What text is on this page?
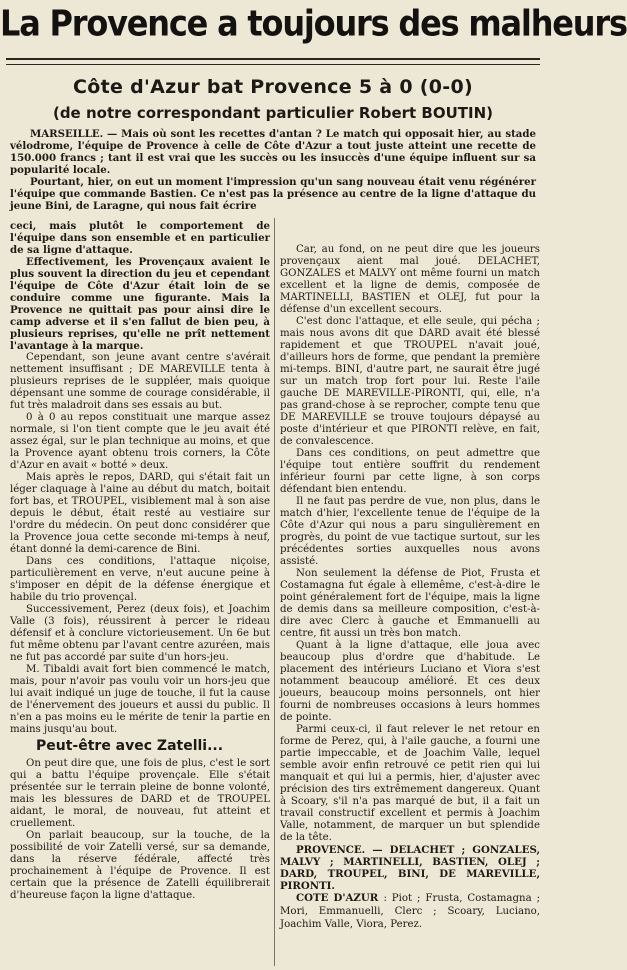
La Provence a toujours des malheurs
Côte d'Azur bat Provence 5 à 0 (0-0)
(de notre correspondant particulier Robert BOUTIN)

MARSEILLE. — Mais où sont les recettes d'antan ? Le match qui opposait hier, au stade vélodrome, l'équipe de Provence à celle de Côte d'Azur a tout juste atteint une recette de 150.000 francs ; tant il est vrai que les succès ou les insuccès d'une équipe influent sur sa popularité locale.

Pourtant, hier, on eut un moment l'impression qu'un sang nouveau était venu régénérer l'équipe que commande Bastien. Ce n'est pas la présence au centre de la ligne d'attaque du jeune Bini, de Laragne, qui nous fait écrire

ceci, mais plutôt le comportement de l'équipe dans son ensemble et en particulier de sa ligne d'attaque.

Effectivement, les Provençaux avaient le plus souvent la direction du jeu et cependant l'équipe de Côte d'Azur était loin de se conduire comme une figurante. Mais la Provence ne quittait pas pour ainsi dire le camp adverse et il s'en fallut de bien peu, à plusieurs reprises, qu'elle ne prît nettement l'avantage à la marque.

Cependant, son jeune avant centre s'avérait nettement insuffisant ; DE MAREVILLE tenta à plusieurs reprises de le suppléer, mais quoique dépensant une somme de courage considérable, il fut très maladroit dans ses essais au but.

0 à 0 au repos constituait une marque assez normale, si l'on tient compte que le jeu avait été assez égal, sur le plan technique au moins, et que la Provence ayant obtenu trois corners, la Côte d'Azur en avait « botté » deux.

Mais après le repos, DARD, qui s'était fait un léger claquage à l'aine au début du match, boitait fort bas, et TROUPEL, visiblement mal à son aise depuis le début, était resté au vestiaire sur l'ordre du médecin. On peut donc considérer que la Provence joua cette seconde mi-temps à neuf, étant donné la demi-carence de Bini.

Dans ces conditions, l'attaque niçoise, particulièrement en verve, n'eut aucune peine à s'imposer en dépit de la défense énergique et habile du trio provençal.

Successivement, Perez (deux fois), et Joachim Valle (3 fois), réussirent à percer le rideau défensif et à conclure victorieusement. Un 6e but fut même obtenu par l'avant centre azuréen, mais ne fut pas accordé par suite d'un hors-jeu.

M. Tibaldi avait fort bien commencé le match, mais, pour n'avoir pas voulu voir un hors-jeu que lui avait indiqué un juge de touche, il fut la cause de l'énervement des joueurs et aussi du public. Il n'en a pas moins eu le mérite de tenir la partie en mains jusqu'au bout.

Peut-être avec Zatelli...

On peut dire que, une fois de plus, c'est le sort qui a battu l'équipe provençale. Elle s'était présentée sur le terrain pleine de bonne volonté, mais les blessures de DARD et de TROUPEL aidant, le moral, de nouveau, fut atteint et cruellement.

On parlait beaucoup, sur la touche, de la possibilité de voir Zatelli versé, sur sa demande, dans la réserve fédérale, affecté très prochainement à l'équipe de Provence. Il est certain que la présence de Zatelli équilibrerait d'heureuse façon la ligne d'attaque.

Car, au fond, on ne peut dire que les joueurs provençaux aient mal joué. DELACHET, GONZALES et MALVY ont même fourni un match excellent et la ligne de demis, composée de MARTINELLI, BASTIEN et OLEJ, fut pour la défense d'un excellent secours.

C'est donc l'attaque, et elle seule, qui pécha ; mais nous avons dit que DARD avait été blessé rapidement et que TROUPEL n'avait joué, d'ailleurs hors de forme, que pendant la première mi-temps. BINI, d'autre part, ne saurait être jugé sur un match trop fort pour lui. Reste l'aile gauche DE MAREVILLE-PIRONTI, qui, elle, n'a pas grand-chose à se reprocher, compte tenu que DE MAREVILLE se trouve toujours dépaysé au poste d'intérieur et que PIRONTI relève, en fait, de convalescence.

Dans ces conditions, on peut admettre que l'équipe tout entière souffrit du rendement inférieur fourni par cette ligne, à son corps défendant bien entendu.

Il ne faut pas perdre de vue, non plus, dans le match d'hier, l'excellente tenue de l'équipe de la Côte d'Azur qui nous a paru singulièrement en progrès, du point de vue tactique surtout, sur les précédentes sorties auxquelles nous avons assisté.

Non seulement la défense de Piot, Frusta et Costamagna fut égale à ellemême, c'est-à-dire le point généralement fort de l'équipe, mais la ligne de demis dans sa meilleure composition, c'est-à-dire avec Clerc à gauche et Emmanuelli au centre, fit aussi un très bon match.

Quant à la ligne d'attaque, elle joua avec beaucoup plus d'ordre que d'habitude. Le placement des intérieurs Luciano et Viora s'est notamment beaucoup amélioré. Et ces deux joueurs, beaucoup moins personnels, ont hier fourni de nombreuses occasions à leurs hommes de pointe.

Parmi ceux-ci, il faut relever le net retour en forme de Perez, qui, à l'aile gauche, a fourni une partie impeccable, et de Joachim Valle, lequel semble avoir enfin retrouvé ce petit rien qui lui manquait et qui lui a permis, hier, d'ajuster avec précision des tirs extrêmement dangereux. Quant à Scoary, s'il n'a pas marqué de but, il a fait un travail constructif excellent et permis à Joachim Valle, notamment, de marquer un but splendide de la tête.

PROVENCE. — DELACHET ; GONZALES, MALVY ; MARTINELLI, BASTIEN, OLEJ ; DARD, TROUPEL, BINI, DE MAREVILLE, PIRONTI.

COTE D'AZUR : Piot ; Frusta, Costamagna ; Mori, Emmanuelli, Clerc ; Scoary, Luciano, Joachim Valle, Viora, Perez.
